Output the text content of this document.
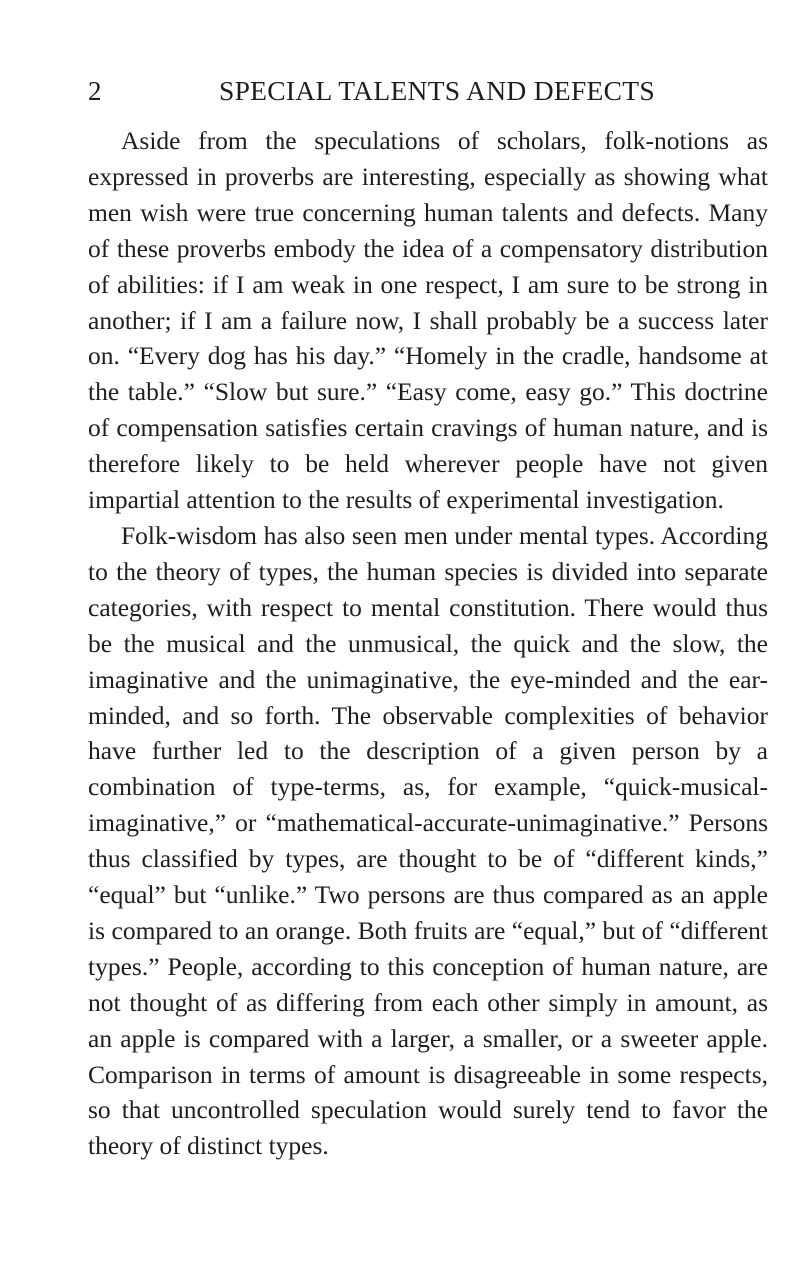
2	SPECIAL TALENTS AND DEFECTS

Aside from the speculations of scholars, folk-notions as expressed in proverbs are interesting, especially as showing what men wish were true concerning human talents and defects. Many of these proverbs embody the idea of a compensatory distribution of abilities: if I am weak in one respect, I am sure to be strong in another; if I am a failure now, I shall probably be a success later on. “Every dog has his day.” “Homely in the cradle, handsome at the table.” “Slow but sure.” “Easy come, easy go.” This doctrine of compensation satisfies certain cravings of human nature, and is therefore likely to be held wherever people have not given impartial attention to the results of experimental investigation.

Folk-wisdom has also seen men under mental types. According to the theory of types, the human species is divided into separate categories, with respect to mental constitution. There would thus be the musical and the unmusical, the quick and the slow, the imaginative and the unimaginative, the eye-minded and the ear-minded, and so forth. The observable complexities of behavior have further led to the description of a given person by a combination of type-terms, as, for example, “quick-musical-imaginative,” or “mathematical-accurate-unimaginative.” Persons thus classified by types, are thought to be of “different kinds,” “equal” but “unlike.” Two persons are thus compared as an apple is compared to an orange. Both fruits are “equal,” but of “different types.” People, according to this conception of human nature, are not thought of as differing from each other simply in amount, as an apple is compared with a larger, a smaller, or a sweeter apple. Comparison in terms of amount is disagreeable in some respects, so that uncontrolled speculation would surely tend to favor the theory of distinct types.
